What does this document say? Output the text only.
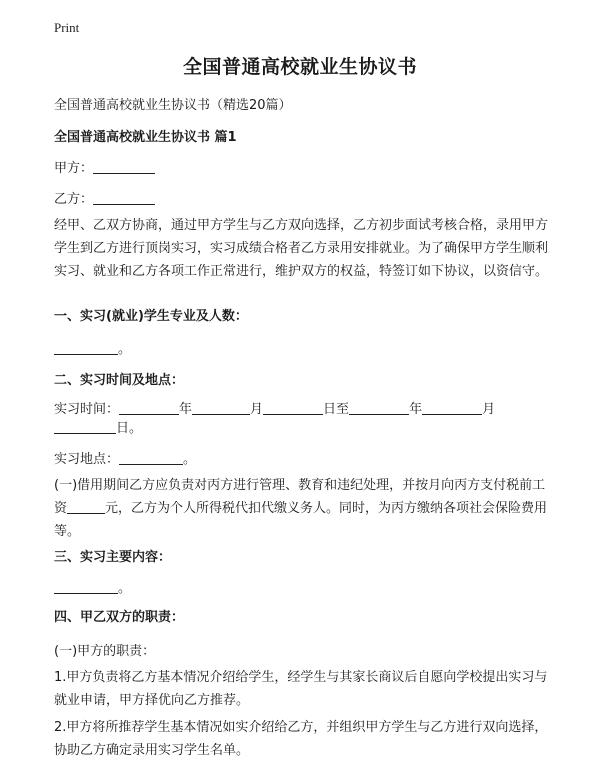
Print
全国普通高校就业生协议书
全国普通高校就业生协议书（精选20篇）
全国普通高校就业生协议书 篇1
甲方：
乙方：
经甲、乙双方协商，通过甲方学生与乙方双向选择，乙方初步面试考核合格，录用甲方学生到乙方进行顶岗实习，实习成绩合格者乙方录用安排就业。为了确保甲方学生顺利实习、就业和乙方各项工作正常进行，维护双方的权益，特签订如下协议，以资信守。
一、实习(就业)学生专业及人数：
。
二、实习时间及地点：
实习时间：	年	月	日至	年	月
日。
实习地点：	。
(一)借用期间乙方应负责对丙方进行管理、教育和违纪处理，并按月向丙方支付税前工资	元，乙方为个人所得税代扣代缴义务人。同时，为丙方缴纳各项社会保险费用等。
三、实习主要内容：
。
四、甲乙双方的职责：
(一)甲方的职责：
1.甲方负责将乙方基本情况介绍给学生，经学生与其家长商议后自愿向学校提出实习与就业申请，甲方择优向乙方推荐。
2.甲方将所推荐学生基本情况如实介绍给乙方，并组织甲方学生与乙方进行双向选择，协助乙方确定录用实习学生名单。
